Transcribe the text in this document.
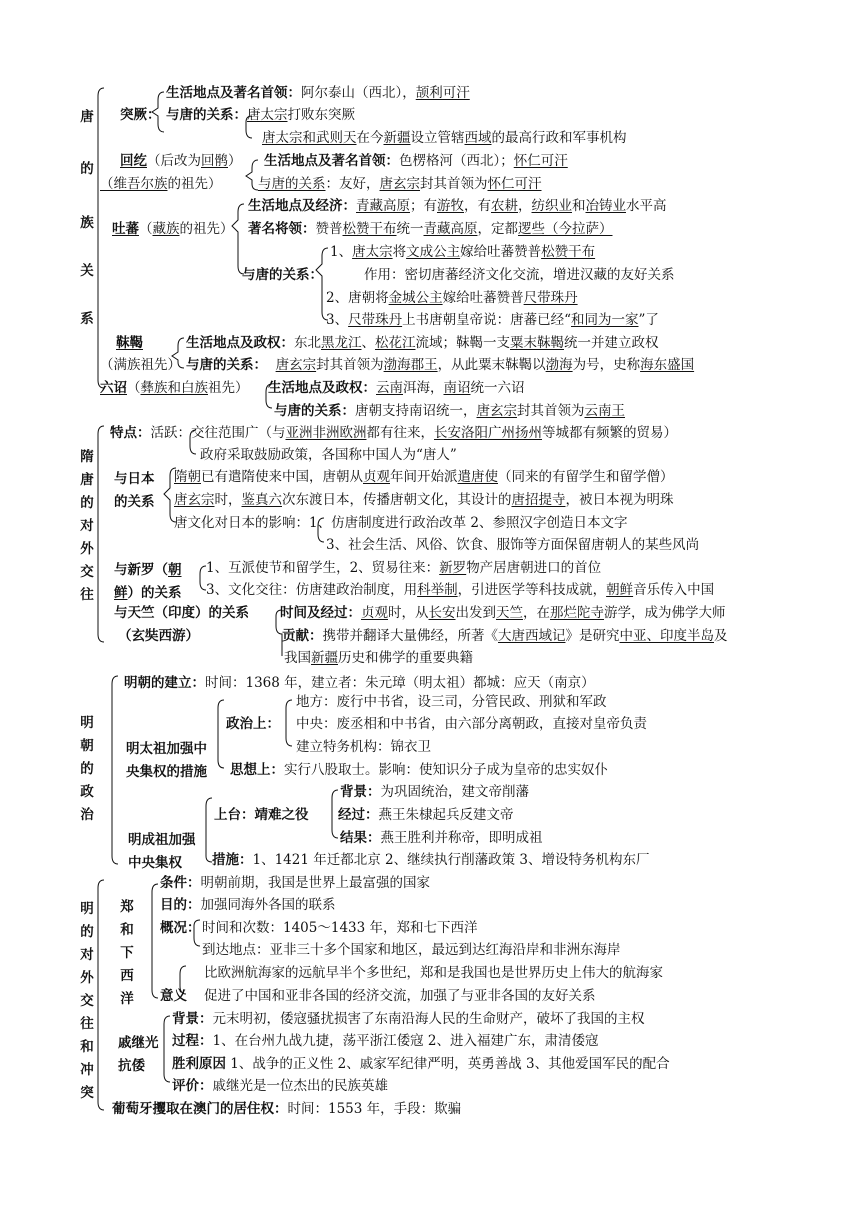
唐
的
族
关
系
突厥：
生活地点及著名首领：阿尔泰山（西北），颉利可汗
与唐的关系：唐太宗打败东突厥
唐太宗和武则天在今新疆设立管辖西域的最高行政和军事机构
回纥（后改为回鹘） 生活地点及著名首领：色楞格河（西北）；怀仁可汗
（维吾尔族的祖先）	与唐的关系：友好，唐玄宗封其首领为怀仁可汗
吐蕃（藏族的祖先）
生活地点及经济：青藏高原；有游牧，有农耕，纺织业和冶铸业水平高
著名将领：赞普松赞干布统一青藏高原，定都逻些（今拉萨）
与唐的关系：
1、唐太宗将文成公主嫁给吐蕃赞普松赞干布
作用：密切唐蕃经济文化交流，增进汉藏的友好关系
2、唐朝将金城公主嫁给吐蕃赞普尺带珠丹
3、尺带珠丹上书唐朝皇帝说：唐蕃已经“和同为一家”了
靺鞨
（满族祖先）
生活地点及政权：东北黑龙江、松花江流域；靺鞨一支粟末靺鞨统一并建立政权
与唐的关系： 唐玄宗封其首领为渤海郡王，从此粟末靺鞨以渤海为号，史称海东盛国
六诏（彝族和白族祖先） 生活地点及政权：云南洱海，南诏统一六诏
与唐的关系：唐朝支持南诏统一，唐玄宗封其首领为云南王
隋
唐
的
对
外
交
往
特点：活跃：交往范围广（与亚洲非洲欧洲都有往来，长安洛阳广州扬州等城都有频繁的贸易）
政府采取鼓励政策，各国称中国人为“唐人”
与日本
的关系
隋朝已有遣隋使来中国，唐朝从贞观年间开始派遣唐使（同来的有留学生和留学僧）
唐玄宗时，鉴真六次东渡日本，传播唐朝文化，其设计的唐招提寺，被日本视为明珠
唐文化对日本的影响：1、仿唐制度进行政治改革 2、参照汉字创造日本文字
3、社会生活、风俗、饮食、服饰等方面保留唐朝人的某些风尚
与新罗（朝
鲜）的关系
1、互派使节和留学生，2、贸易往来：新罗物产居唐朝进口的首位
3、文化交往：仿唐建政治制度，用科举制，引进医学等科技成就，朝鲜音乐传入中国
与天竺（印度）的关系
（玄奘西游）
时间及经过：贞观时，从长安出发到天竺，在那烂陀寺游学，成为佛学大师
贡献：携带并翻译大量佛经，所著《大唐西域记》是研究中亚、印度半岛及
我国新疆历史和佛学的重要典籍
明
朝
的
政
治
明朝的建立：时间：1368 年，建立者：朱元璋（明太祖）都城：应天（南京）
明太祖加强中
央集权的措施
政治上：
地方：废行中书省，设三司，分管民政、刑狱和军政
中央：废丞相和中书省，由六部分离朝政，直接对皇帝负责
建立特务机构：锦衣卫
思想上：实行八股取士。影响：使知识分子成为皇帝的忠实奴仆
明成祖加强
中央集权
上台：靖难之役
背景：为巩固统治，建文帝削藩
经过：燕王朱棣起兵反建文帝
结果：燕王胜利并称帝，即明成祖
措施：1、1421 年迁都北京 2、继续执行削藩政策 3、增设特务机构东厂
明
的
对
外
交
往
和
冲
突
郑
和
下
西
洋
条件：明朝前期，我国是世界上最富强的国家
目的：加强同海外各国的联系
概况： 时间和次数：1405～1433 年，郑和七下西洋
到达地点：亚非三十多个国家和地区，最远到达红海沿岸和非洲东海岸
意义
比欧洲航海家的远航早半个多世纪，郑和是我国也是世界历史上伟大的航海家
促进了中国和亚非各国的经济交流，加强了与亚非各国的友好关系
戚继光
抗倭
背景：元末明初，倭寇骚扰损害了东南沿海人民的生命财产，破坏了我国的主权
过程：1、在台州九战九捷，荡平浙江倭寇 2、进入福建广东，肃清倭寇
胜利原因 1、战争的正义性 2、戚家军纪律严明，英勇善战 3、其他爱国军民的配合
评价：戚继光是一位杰出的民族英雄
葡萄牙攫取在澳门的居住权：时间：1553 年，手段：欺骗
